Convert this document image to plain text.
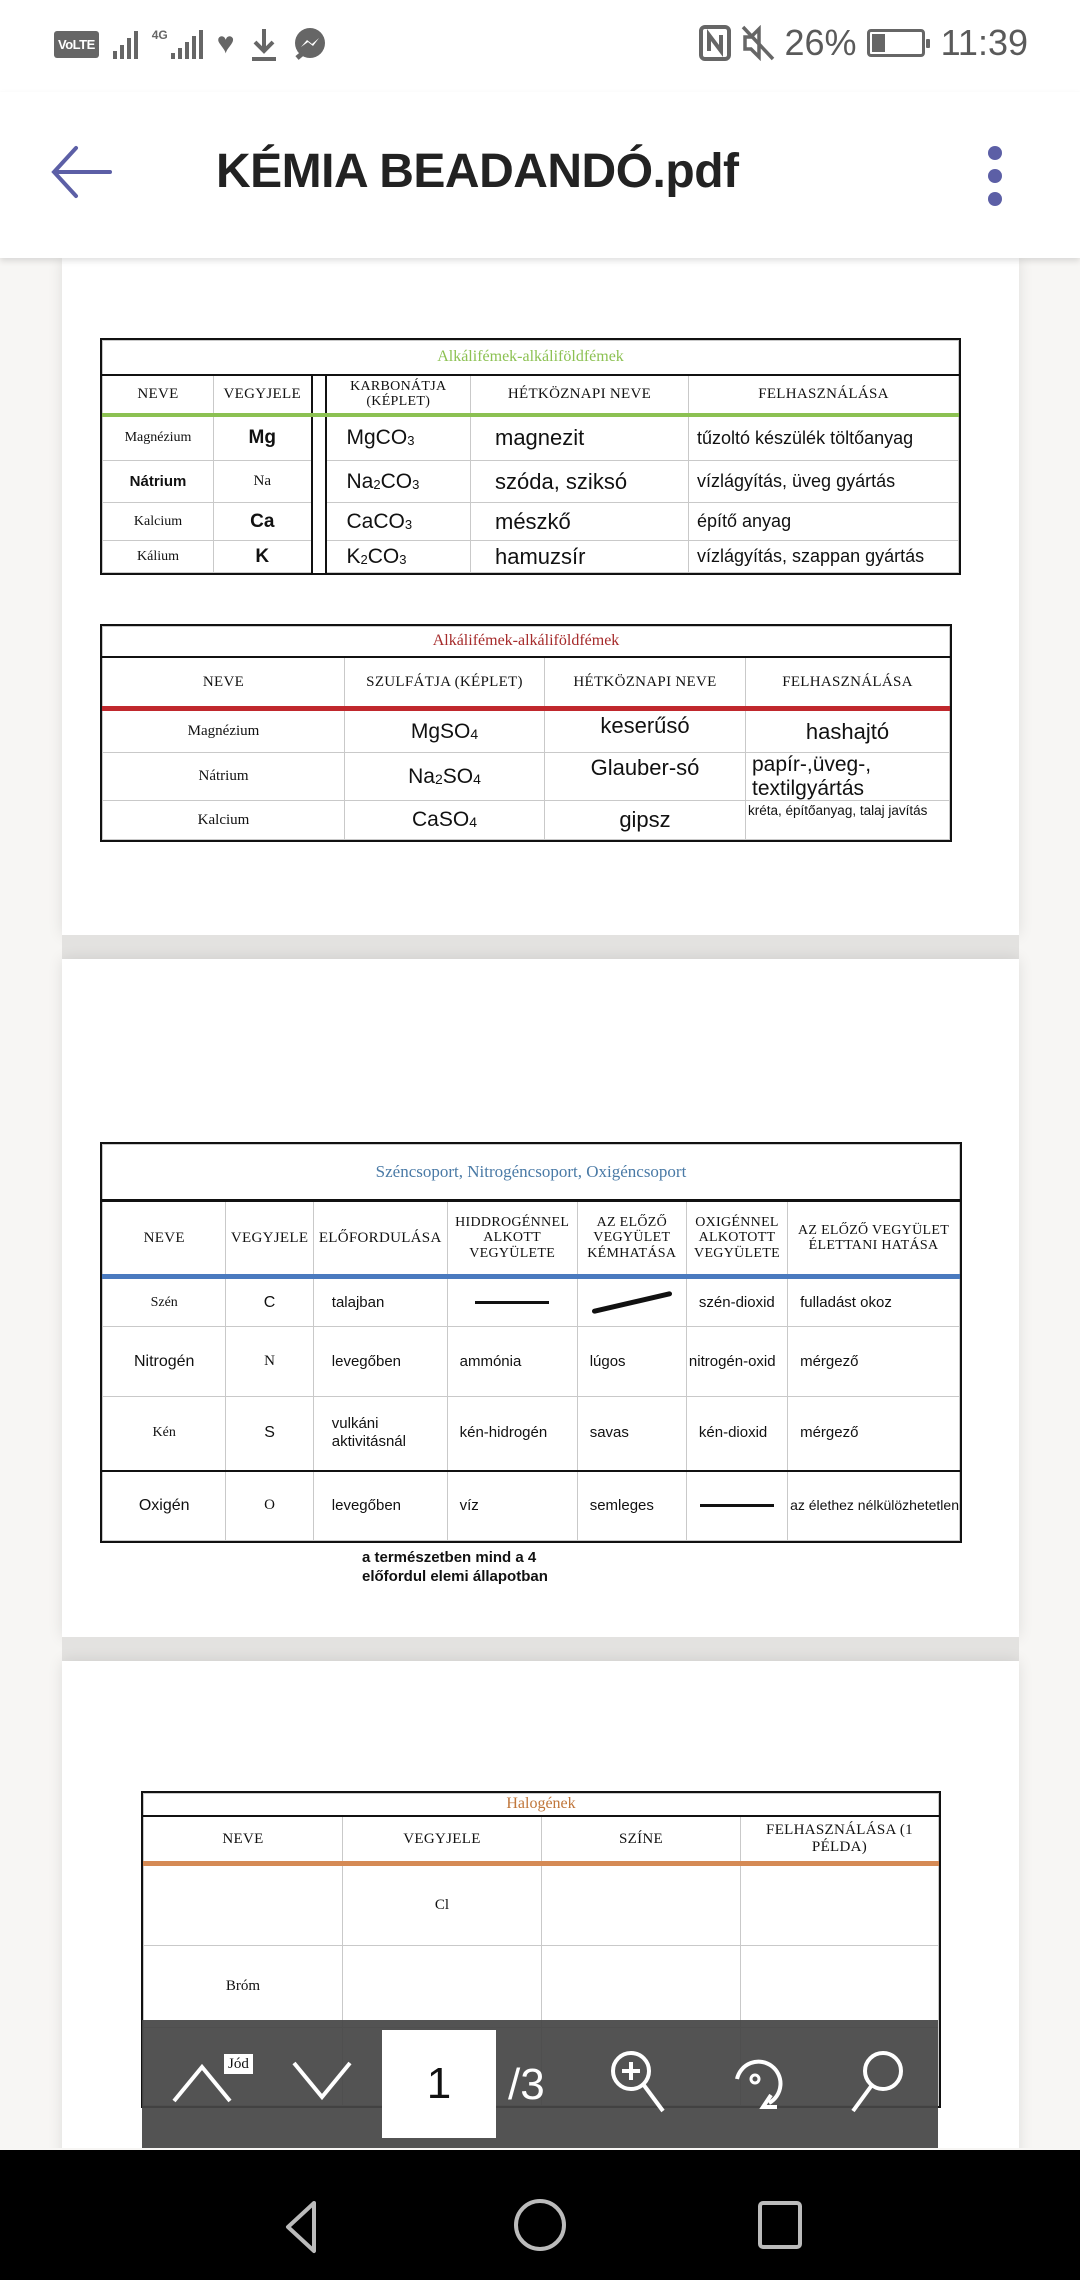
VoLTE
4G ♥	26% 11:39
KÉMIA BEADANDÓ.pdf
Alkálifémek-alkáliföldfémek					
NEVE	VEGYJELE		KARBONÁTJA (KÉPLET)	HÉTKÖZNAPI NEVE	FELHASZNÁLÁSA
Magnézium	Mg		MgCO$_3$	magnezit	tűzoltó készülék töltőanyag
Nátrium	Na		$Na_2CO_3$	szóda, sziksó	vízlágyítás, üveg gyártás
Kalcium	Ca		CaCO$_3$	mészkő	építő anyag
Kálium	K		$K_2CO_3$	hamuzsír	vízlágyítás, szappan gyártás
Alkálifémek-alkáliföldfémek			
NEVE	SZULFÁTJA (KÉPLET)	HÉTKÖZNAPI NEVE	FELHASZNÁLÁSA
Magnézium	MgSO$_4$	keserűsó	hashajtó
Nátrium	$Na_2SO_4$	Glauber-só	papír-,üveg-, textilgyártás
Kalcium	CaSO$_4$	gipsz	kréta, építőanyag, talaj javítás
Széncsoport, Nitrogéncsoport, Oxigéncsoport						
NEVE	VEGYJELE	ELŐFORDULÁSA	HIDDROGÉNNEL ALKOTT VEGYÜLETE	AZ ELŐZŐ VEGYÜLET KÉMHATÁSA	OXIGÉNNEL ALKOTOTT VEGYÜLETE	AZ ELŐZŐ VEGYÜLET ÉLETTANI HATÁSA
Szén	C	talajban			szén-dioxid	fulladást okoz
Nitrogén	N	levegőben	ammónia	lúgos	nitrogén-oxid	mérgező
Kén	S	vulkáni aktivitásnál	kén-hidrogén	savas	kén-dioxid	mérgező
Oxigén	O	levegőben	víz	semleges		az élethez nélkülözhetetlen
a természetben mind a 4 előfordul elemi állapotban
Halogének			
NEVE	VEGYJELE	SZÍNE	FELHASZNÁLÁSA (1 PÉLDA)
	Cl		
Bróm			

1	/3
Jód
